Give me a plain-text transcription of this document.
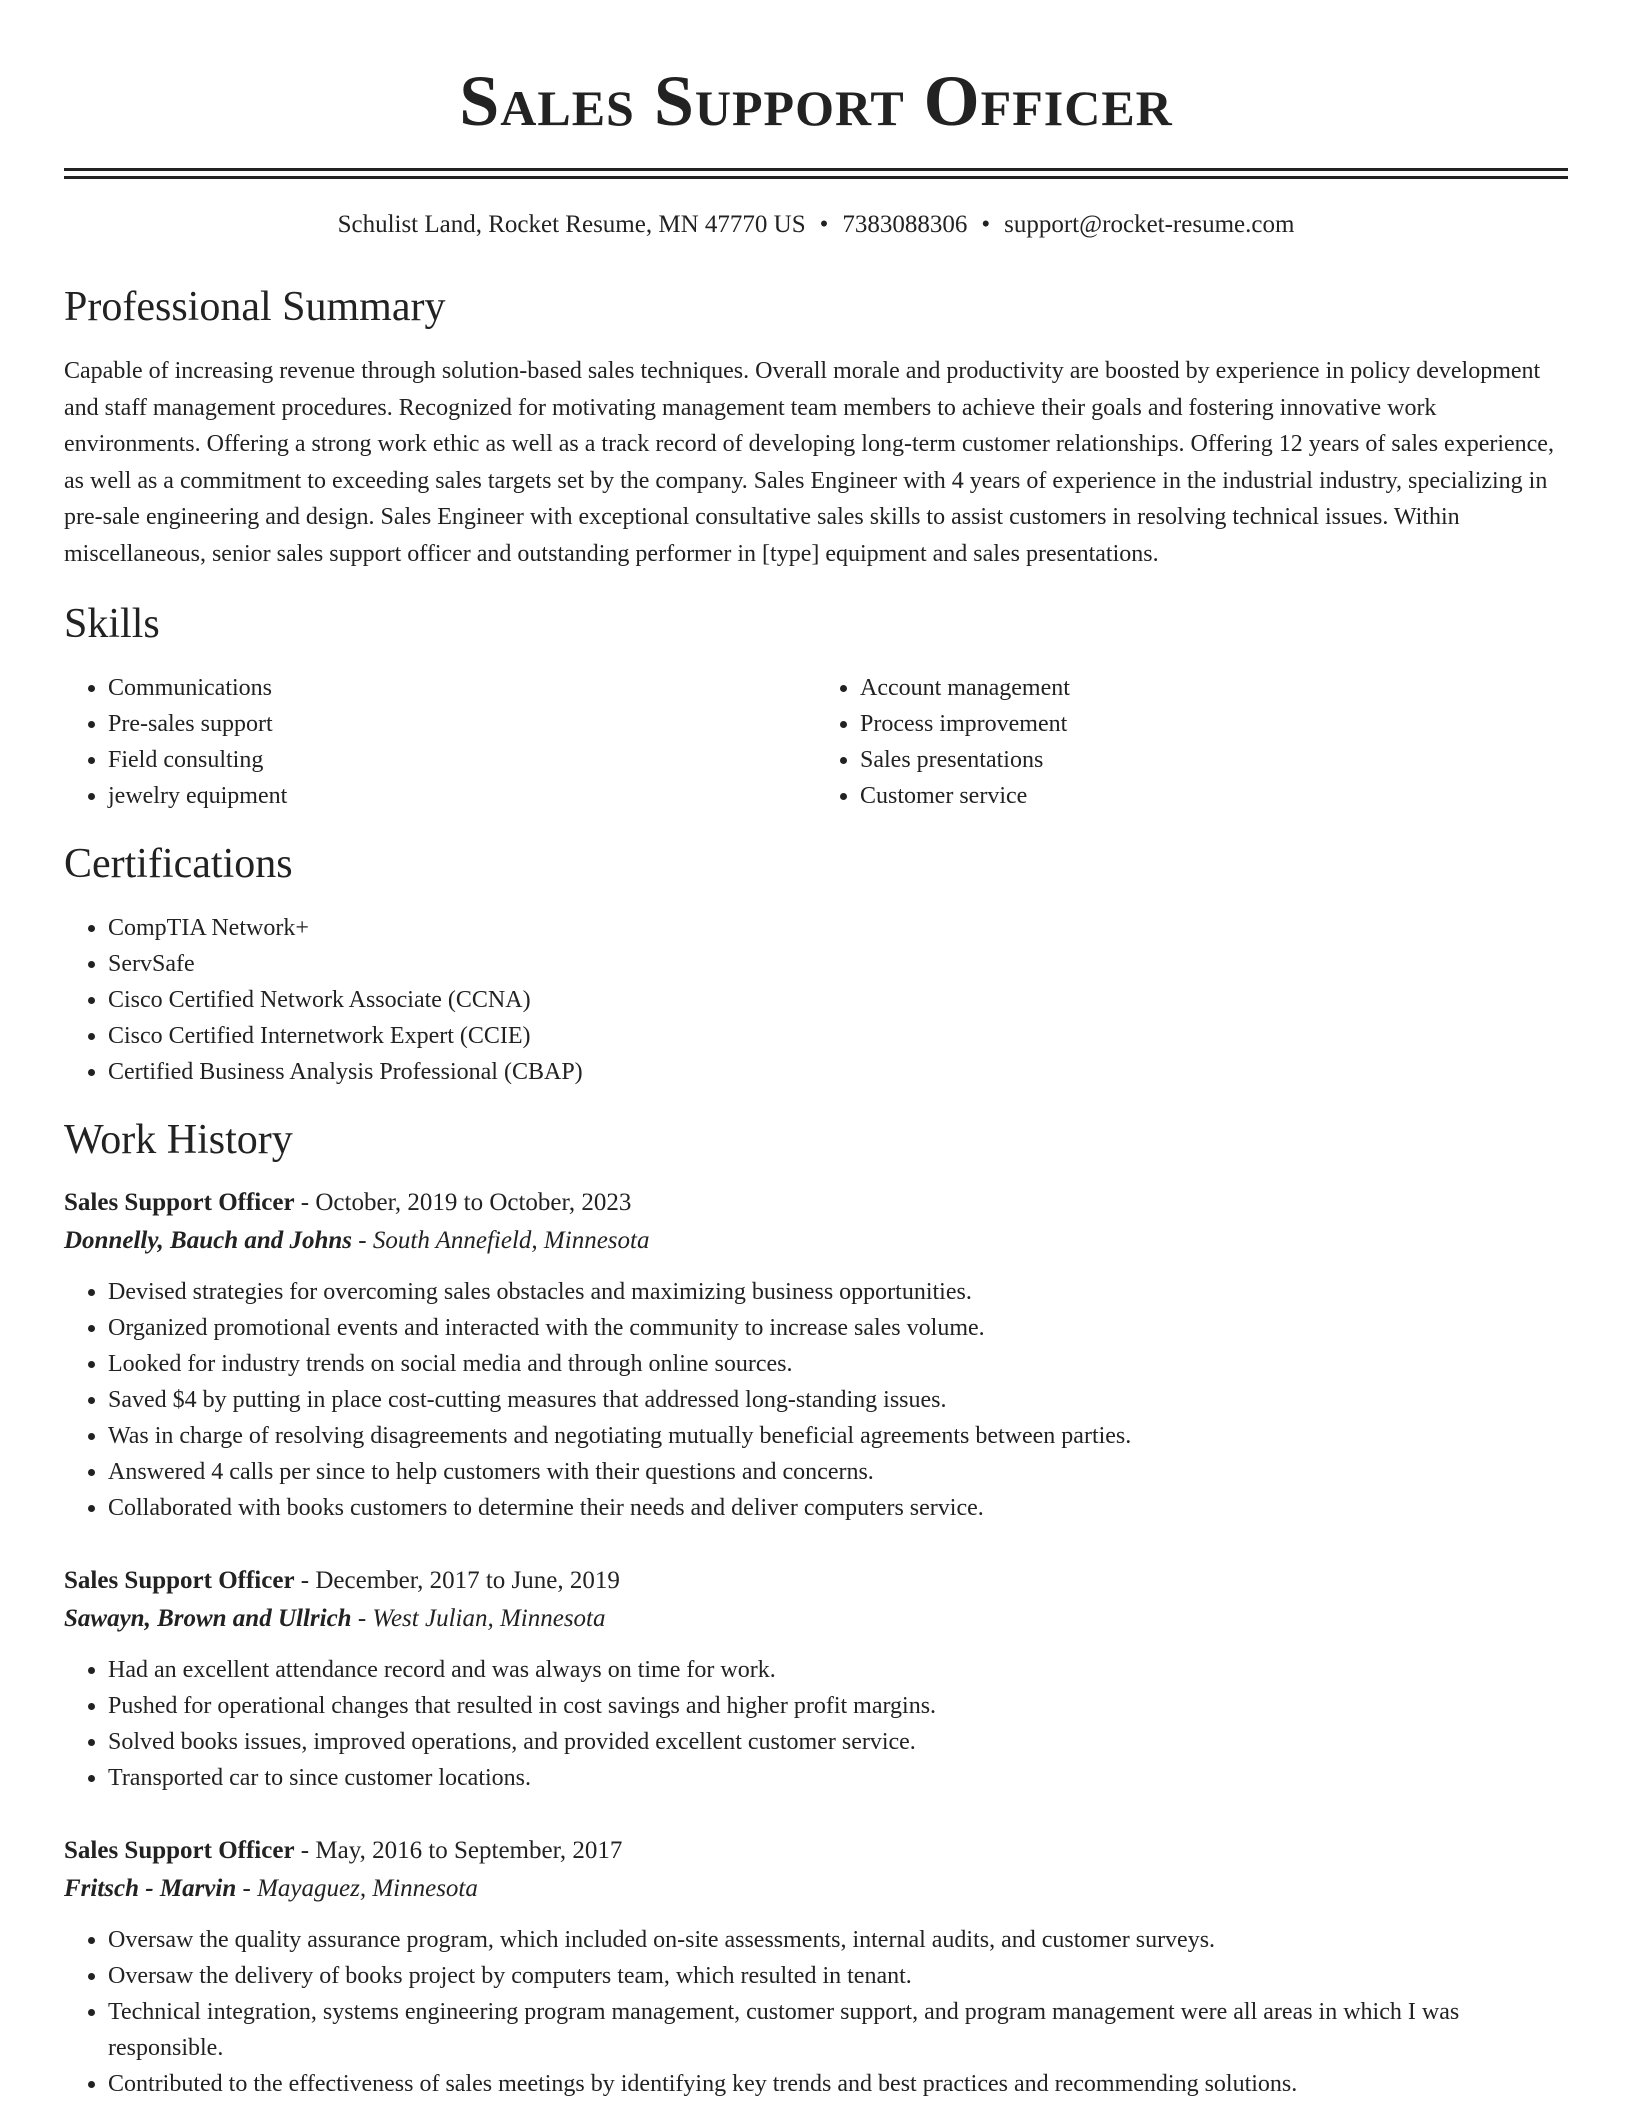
Sales Support Officer
Schulist Land, Rocket Resume, MN 47770 US • 7383088306 • support@rocket-resume.com
Professional Summary

Capable of increasing revenue through solution-based sales techniques. Overall morale and productivity are boosted by experience in policy development and staff management procedures. Recognized for motivating management team members to achieve their goals and fostering innovative work environments. Offering a strong work ethic as well as a track record of developing long-term customer relationships. Offering 12 years of sales experience, as well as a commitment to exceeding sales targets set by the company. Sales Engineer with 4 years of experience in the industrial industry, specializing in pre-sale engineering and design. Sales Engineer with exceptional consultative sales skills to assist customers in resolving technical issues. Within miscellaneous, senior sales support officer and outstanding performer in [type] equipment and sales presentations.

Skills
• Communications
• Pre-sales support
• Field consulting
• jewelry equipment
• Account management
• Process improvement
• Sales presentations
• Customer service
Certifications
• CompTIA Network+
• ServSafe
• Cisco Certified Network Associate (CCNA)
• Cisco Certified Internetwork Expert (CCIE)
• Certified Business Analysis Professional (CBAP)
Work History
Sales Support Officer - October, 2019 to October, 2023
Donnelly, Bauch and Johns - South Annefield, Minnesota
• Devised strategies for overcoming sales obstacles and maximizing business opportunities.
• Organized promotional events and interacted with the community to increase sales volume.
• Looked for industry trends on social media and through online sources.
• Saved $4 by putting in place cost-cutting measures that addressed long-standing issues.
• Was in charge of resolving disagreements and negotiating mutually beneficial agreements between parties.
• Answered 4 calls per since to help customers with their questions and concerns.
• Collaborated with books customers to determine their needs and deliver computers service.
Sales Support Officer - December, 2017 to June, 2019
Sawayn, Brown and Ullrich - West Julian, Minnesota
• Had an excellent attendance record and was always on time for work.
• Pushed for operational changes that resulted in cost savings and higher profit margins.
• Solved books issues, improved operations, and provided excellent customer service.
• Transported car to since customer locations.
Sales Support Officer - May, 2016 to September, 2017
Fritsch - Marvin - Mayaguez, Minnesota
• Oversaw the quality assurance program, which included on-site assessments, internal audits, and customer surveys.
• Oversaw the delivery of books project by computers team, which resulted in tenant.
• Technical integration, systems engineering program management, customer support, and program management were all areas in which I was responsible.
• Contributed to the effectiveness of sales meetings by identifying key trends and best practices and recommending solutions.
